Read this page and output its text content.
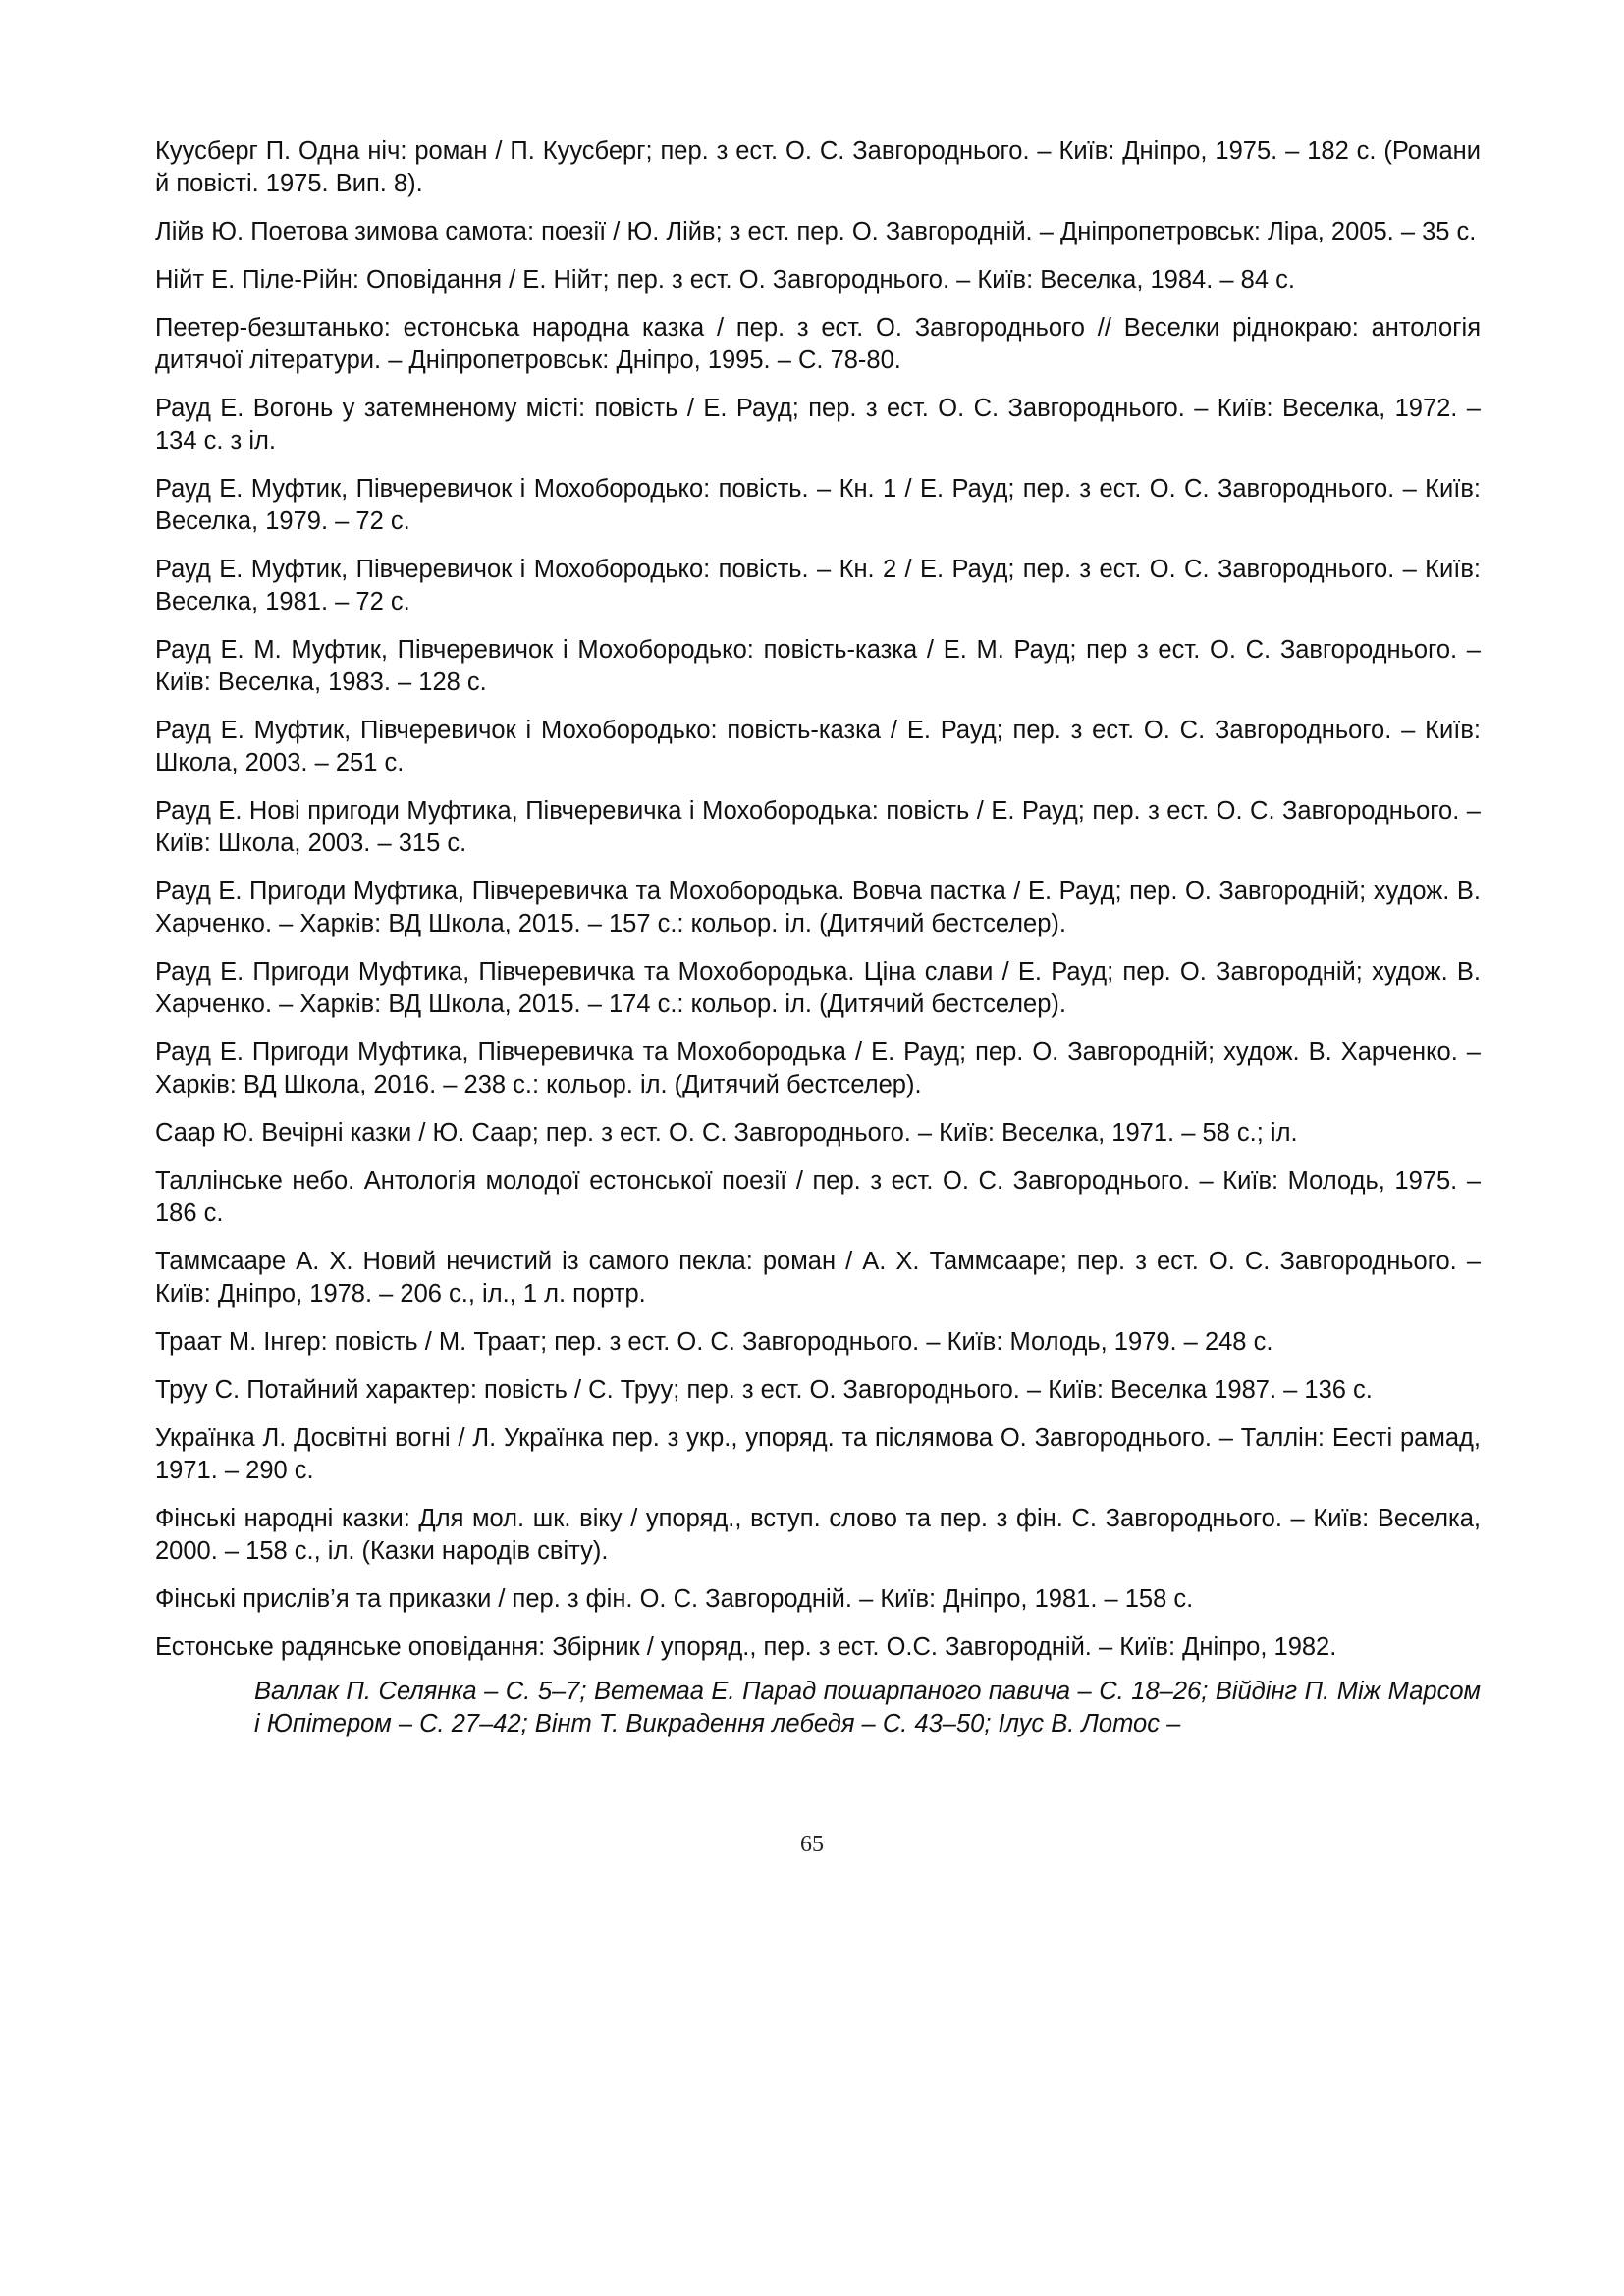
Куусберг П. Одна ніч: роман / П. Куусберг; пер. з ест. О. С. Завгороднього. – Київ: Дніпро, 1975. – 182 с. (Романи й повісті. 1975. Вип. 8).

Лійв Ю. Поетова зимова самота: поезії / Ю. Лійв; з ест. пер. О. Завгородній. – Дніпропетровськ: Ліра, 2005. – 35 с.

Нійт Е. Піле-Рійн: Оповідання / Е. Нійт; пер. з ест. О. Завгороднього. – Київ: Веселка, 1984. – 84 с.

Пеетер-безштанько: естонська народна казка / пер. з ест. О. Завгороднього // Веселки ріднокраю: антологія дитячої літератури. – Дніпропетровськ: Дніпро, 1995. – С. 78-80.

Рауд Е. Вогонь у затемненому місті: повість / Е. Рауд; пер. з ест. О. С. Завгороднього. – Київ: Веселка, 1972. – 134 с. з іл.

Рауд Е. Муфтик, Півчеревичок і Мохобородько: повість. – Кн. 1 / Е. Рауд; пер. з ест. О. С. Завгороднього. – Київ: Веселка, 1979. – 72 с.

Рауд Е. Муфтик, Півчеревичок і Мохобородько: повість. – Кн. 2 / Е. Рауд; пер. з ест. О. С. Завгороднього. – Київ: Веселка, 1981. – 72 с.

Рауд Е. М. Муфтик, Півчеревичок і Мохобородько: повість-казка / Е. М. Рауд; пер з ест. О. С. Завгороднього. – Київ: Веселка, 1983. – 128 с.

Рауд Е. Муфтик, Півчеревичок і Мохобородько: повість-казка / Е. Рауд; пер. з ест. О. С. Завгороднього. – Київ: Школа, 2003. – 251 с.

Рауд Е. Нові пригоди Муфтика, Півчеревичка і Мохобородька: повість / Е. Рауд; пер. з ест. О. С. Завгороднього. – Київ: Школа, 2003. – 315 с.

Рауд Е. Пригоди Муфтика, Півчеревичка та Мохобородька. Вовча пастка / Е. Рауд; пер. О. Завгородній; худож. В. Харченко. – Харків: ВД Школа, 2015. – 157 с.: кольор. іл. (Дитячий бестселер).

Рауд Е. Пригоди Муфтика, Півчеревичка та Мохобородька. Ціна слави / Е. Рауд; пер. О. Завгородній; худож. В. Харченко. – Харків: ВД Школа, 2015. – 174 с.: кольор. іл. (Дитячий бестселер).

Рауд Е. Пригоди Муфтика, Півчеревичка та Мохобородька / Е. Рауд; пер. О. Завгородній; худож. В. Харченко. – Харків: ВД Школа, 2016. – 238 с.: кольор. іл. (Дитячий бестселер).

Саар Ю. Вечірні казки / Ю. Саар; пер. з ест. О. С. Завгороднього. – Київ: Веселка, 1971. – 58 с.; іл.

Таллінське небо. Антологія молодої естонської поезії / пер. з ест. О. С. Завгороднього. – Київ: Молодь, 1975. – 186 с.

Таммсааре А. Х. Новий нечистий із самого пекла: роман / А. Х. Таммсааре; пер. з ест. О. С. Завгороднього. – Київ: Дніпро, 1978. – 206 с., іл., 1 л. портр.

Траат М. Інгер: повість / М. Траат; пер. з ест. О. С. Завгороднього. – Київ: Молодь, 1979. – 248 с.

Труу С. Потайний характер: повість / С. Труу; пер. з ест. О. Завгороднього. – Київ: Веселка 1987. – 136 с.

Українка Л. Досвітні вогні / Л. Українка пер. з укр., упоряд. та післямова О. Завгороднього. – Таллін: Еесті рамад, 1971. – 290 с.

Фінські народні казки: Для мол. шк. віку / упоряд., вступ. слово та пер. з фін. С. Завгороднього. – Київ: Веселка, 2000. – 158 с., іл. (Казки народів світу).

Фінські прислів’я та приказки / пер. з фін. О. С. Завгородній. – Київ: Дніпро, 1981. – 158 с.

Естонське радянське оповідання: Збірник / упоряд., пер. з ест. О.С. Завгородній. – Київ: Дніпро, 1982.

Валлак П. Селянка – С. 5–7; Ветемаа Е. Парад пошарпаного павича – С. 18–26; Війдінг П. Між Марсом і Юпітером – С. 27–42; Вінт Т. Викрадення лебедя – С. 43–50; Ілус В. Лотос –

65
